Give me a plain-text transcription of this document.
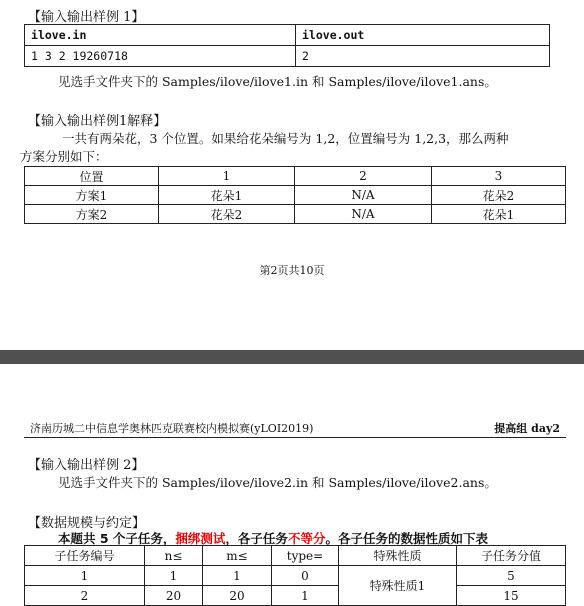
【输入输出样例 1】
ilove.in	ilove.out
1 3 2 19260718	2
见选手文件夹下的 Samples/ilove/ilove1.in 和 Samples/ilove/ilove1.ans。
【输入输出样例1解释】
一共有两朵花，3 个位置。如果给花朵编号为 1,2，位置编号为 1,2,3，那么两种
方案分别如下：
位置	1	2	3
方案1	花朵1	N/A	花朵2
方案2	花朵2	N/A	花朵1
第2页共10页
济南历城二中信息学奥林匹克联赛校内模拟赛(yLOI2019)	提高组 day2
【输入输出样例 2】
见选手文件夹下的 Samples/ilove/ilove2.in 和 Samples/ilove/ilove2.ans。
【数据规模与约定】
本题共 5 个子任务，捆绑测试，各子任务不等分。各子任务的数据性质如下表
子任务编号	n≤	m≤	type=	特殊性质	子任务分值
1	1	1	0	特殊性质1	5
2	20	20	1		15
